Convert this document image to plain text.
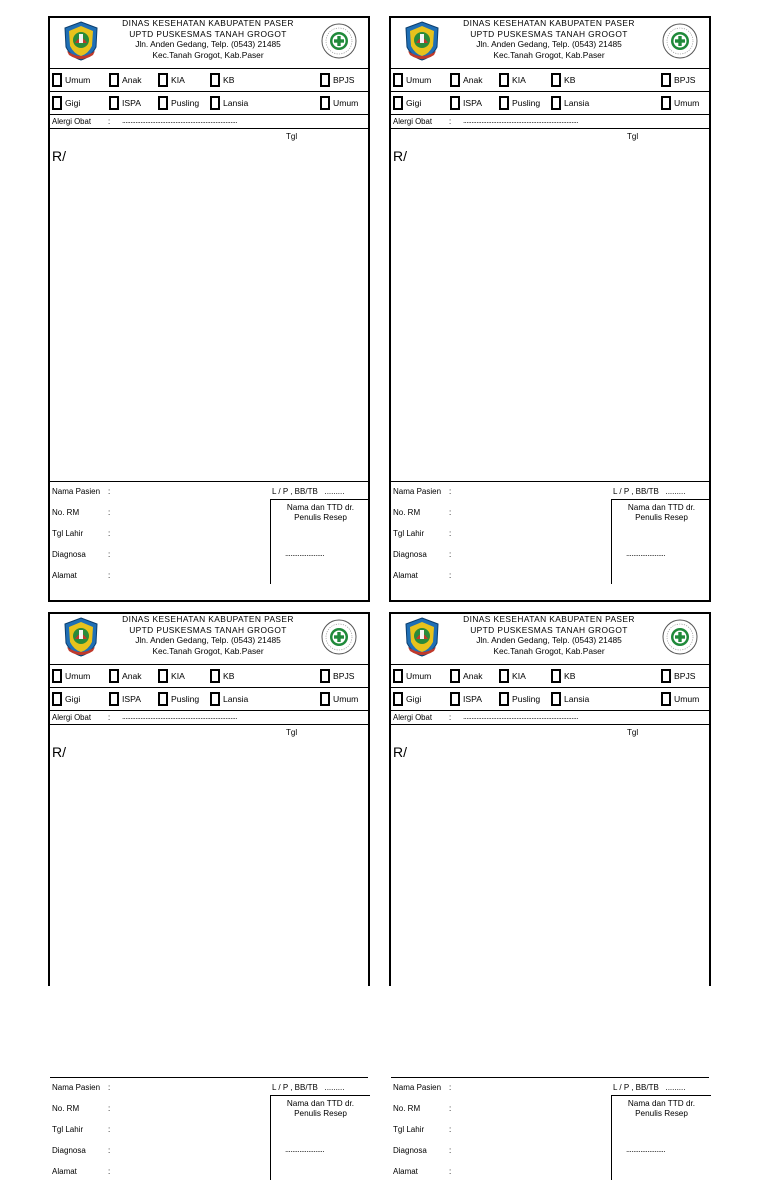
DINAS KESEHATAN KABUPATEN PASER
UPTD PUSKESMAS TANAH GROGOT
Jln. Anden Gedang, Telp. (0543) 21485
Kec.Tanah Grogot, Kab.Paser
Umum	Anak	KIA	KB	BPJS
Gigi	ISPA	Pusling	Lansia	Umum
Alergi Obat : .....................................................................
Tgl
R/
Nama Pasien :
No. RM	:
Tgl Lahir	:
Diagnosa	:
Alamat	:
L / P , BB/TB .........
Nama dan TTD dr.
Penulis Resep
......................
DINAS KESEHATAN KABUPATEN PASER
UPTD PUSKESMAS TANAH GROGOT
Jln. Anden Gedang, Telp. (0543) 21485
Kec.Tanah Grogot, Kab.Paser
Umum	Anak	KIA	KB	BPJS
Gigi	ISPA	Pusling	Lansia	Umum
Alergi Obat : .....................................................................
Tgl
R/
Nama Pasien :
No. RM	:
Tgl Lahir	:
Diagnosa	:
Alamat	:
L / P , BB/TB .........
Nama dan TTD dr.
Penulis Resep
......................
DINAS KESEHATAN KABUPATEN PASER
UPTD PUSKESMAS TANAH GROGOT
Jln. Anden Gedang, Telp. (0543) 21485
Kec.Tanah Grogot, Kab.Paser
Umum	Anak	KIA	KB	BPJS
Gigi	ISPA	Pusling	Lansia	Umum
Alergi Obat : .....................................................................
Tgl
R/
Nama Pasien :
No. RM	:
Tgl Lahir	:
Diagnosa	:
Alamat	:
L / P , BB/TB .........
Nama dan TTD dr.
Penulis Resep
......................
DINAS KESEHATAN KABUPATEN PASER
UPTD PUSKESMAS TANAH GROGOT
Jln. Anden Gedang, Telp. (0543) 21485
Kec.Tanah Grogot, Kab.Paser
Umum	Anak	KIA	KB	BPJS
Gigi	ISPA	Pusling	Lansia	Umum
Alergi Obat : .....................................................................
Tgl
R/
Nama Pasien :
No. RM	:
Tgl Lahir	:
Diagnosa	:
Alamat	:
L / P , BB/TB .........
Nama dan TTD dr.
Penulis Resep
......................
